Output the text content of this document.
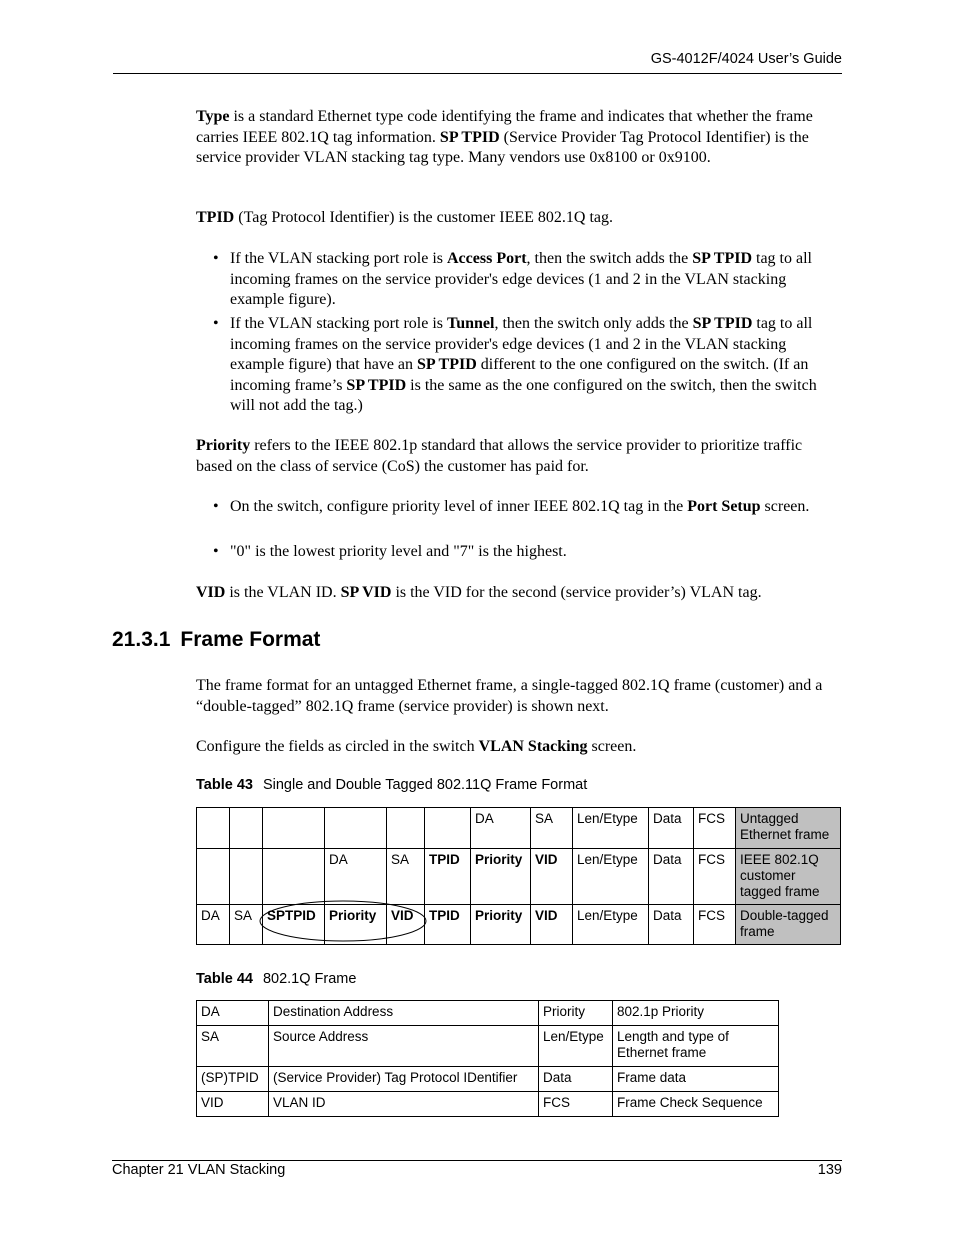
GS-4012F/4024 User’s Guide
Type is a standard Ethernet type code identifying the frame and indicates that whether the frame carries IEEE 802.1Q tag information. SP TPID (Service Provider Tag Protocol Identifier) is the service provider VLAN stacking tag type. Many vendors use 0x8100 or 0x9100.
TPID (Tag Protocol Identifier) is the customer IEEE 802.1Q tag.
• If the VLAN stacking port role is Access Port, then the switch adds the SP TPID tag to all incoming frames on the service provider's edge devices (1 and 2 in the VLAN stacking example figure).
• If the VLAN stacking port role is Tunnel, then the switch only adds the SP TPID tag to all incoming frames on the service provider's edge devices (1 and 2 in the VLAN stacking example figure) that have an SP TPID different to the one configured on the switch. (If an incoming frame’s SP TPID is the same as the one configured on the switch, then the switch will not add the tag.)
Priority refers to the IEEE 802.1p standard that allows the service provider to prioritize traffic based on the class of service (CoS) the customer has paid for.
• On the switch, configure priority level of inner IEEE 802.1Q tag in the Port Setup screen.
• "0" is the lowest priority level and "7" is the highest.
VID is the VLAN ID. SP VID is the VID for the second (service provider’s) VLAN tag.
21.3.1 Frame Format
The frame format for an untagged Ethernet frame, a single-tagged 802.1Q frame (customer) and a “double-tagged” 802.1Q frame (service provider) is shown next.
Configure the fields as circled in the switch VLAN Stacking screen.
Table 43 Single and Double Tagged 802.11Q Frame Format
						DA	SA	Len/Etype	Data	FCS	Untagged Ethernet frame
			DA	SA	TPID	Priority	VID	Len/Etype	Data	FCS	IEEE 802.1Q customer tagged frame
DA	SA	SPTPID	Priority	VID	TPID	Priority	VID	Len/Etype	Data	FCS	Double-tagged frame
Table 44 802.1Q Frame
DA	Destination Address	Priority	802.1p Priority
SA	Source Address	Len/Etype	Length and type of Ethernet frame
(SP)TPID	(Service Provider) Tag Protocol IDentifier	Data	Frame data
VID	VLAN ID	FCS	Frame Check Sequence
Chapter 21 VLAN Stacking	139
